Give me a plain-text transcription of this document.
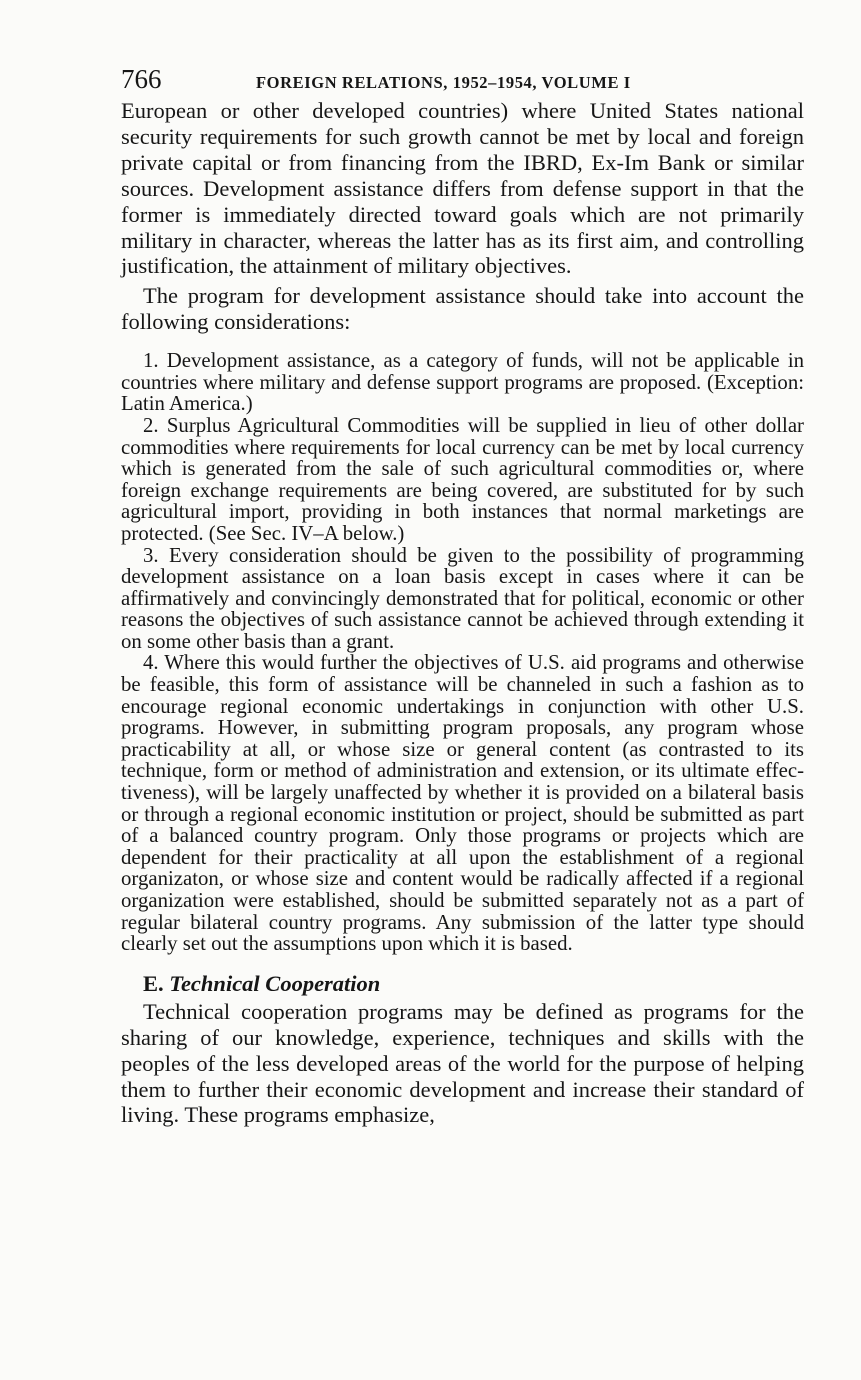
766	FOREIGN RELATIONS, 1952–1954, VOLUME I

European or other developed countries) where United States national security requirements for such growth cannot be met by local and foreign private capital or from financing from the IBRD, Ex-Im Bank or similar sources. Development assistance differs from defense support in that the former is immediately directed toward goals which are not primarily military in character, whereas the latter has as its first aim, and controlling justification, the attainment of military objectives.

The program for development assistance should take into account the following considerations:

1. Development assistance, as a category of funds, will not be applicable in countries where military and defense support programs are proposed. (Exception: Latin America.)

2. Surplus Agricultural Commodities will be supplied in lieu of other dollar commodities where requirements for local currency can be met by local currency which is generated from the sale of such agricultural commodities or, where foreign exchange requirements are being covered, are substituted for by such agricultural import, providing in both instances that normal marketings are protected. (See Sec. IV–A below.)

3. Every consideration should be given to the possibility of programming development assistance on a loan basis except in cases where it can be affirmatively and convincingly demonstrated that for political, economic or other reasons the objectives of such assistance cannot be achieved through extending it on some other basis than a grant.

4. Where this would further the objectives of U.S. aid programs and otherwise be feasible, this form of assistance will be channeled in such a fashion as to encourage regional economic undertakings in conjunction with other U.S. programs. However, in submitting program proposals, any program whose practicability at all, or whose size or general content (as contrasted to its technique, form or method of administration and extension, or its ultimate effectiveness), will be largely unaffected by whether it is provided on a bilateral basis or through a regional economic institution or project, should be submitted as part of a balanced country program. Only those programs or projects which are dependent for their practicality at all upon the establishment of a regional organizaton, or whose size and content would be radically affected if a regional organization were established, should be submitted separately not as a part of regular bilateral country programs. Any submission of the latter type should clearly set out the assumptions upon which it is based.

E. Technical Cooperation

Technical cooperation programs may be defined as programs for the sharing of our knowledge, experience, techniques and skills with the peoples of the less developed areas of the world for the purpose of helping them to further their economic development and increase their standard of living. These programs emphasize,
